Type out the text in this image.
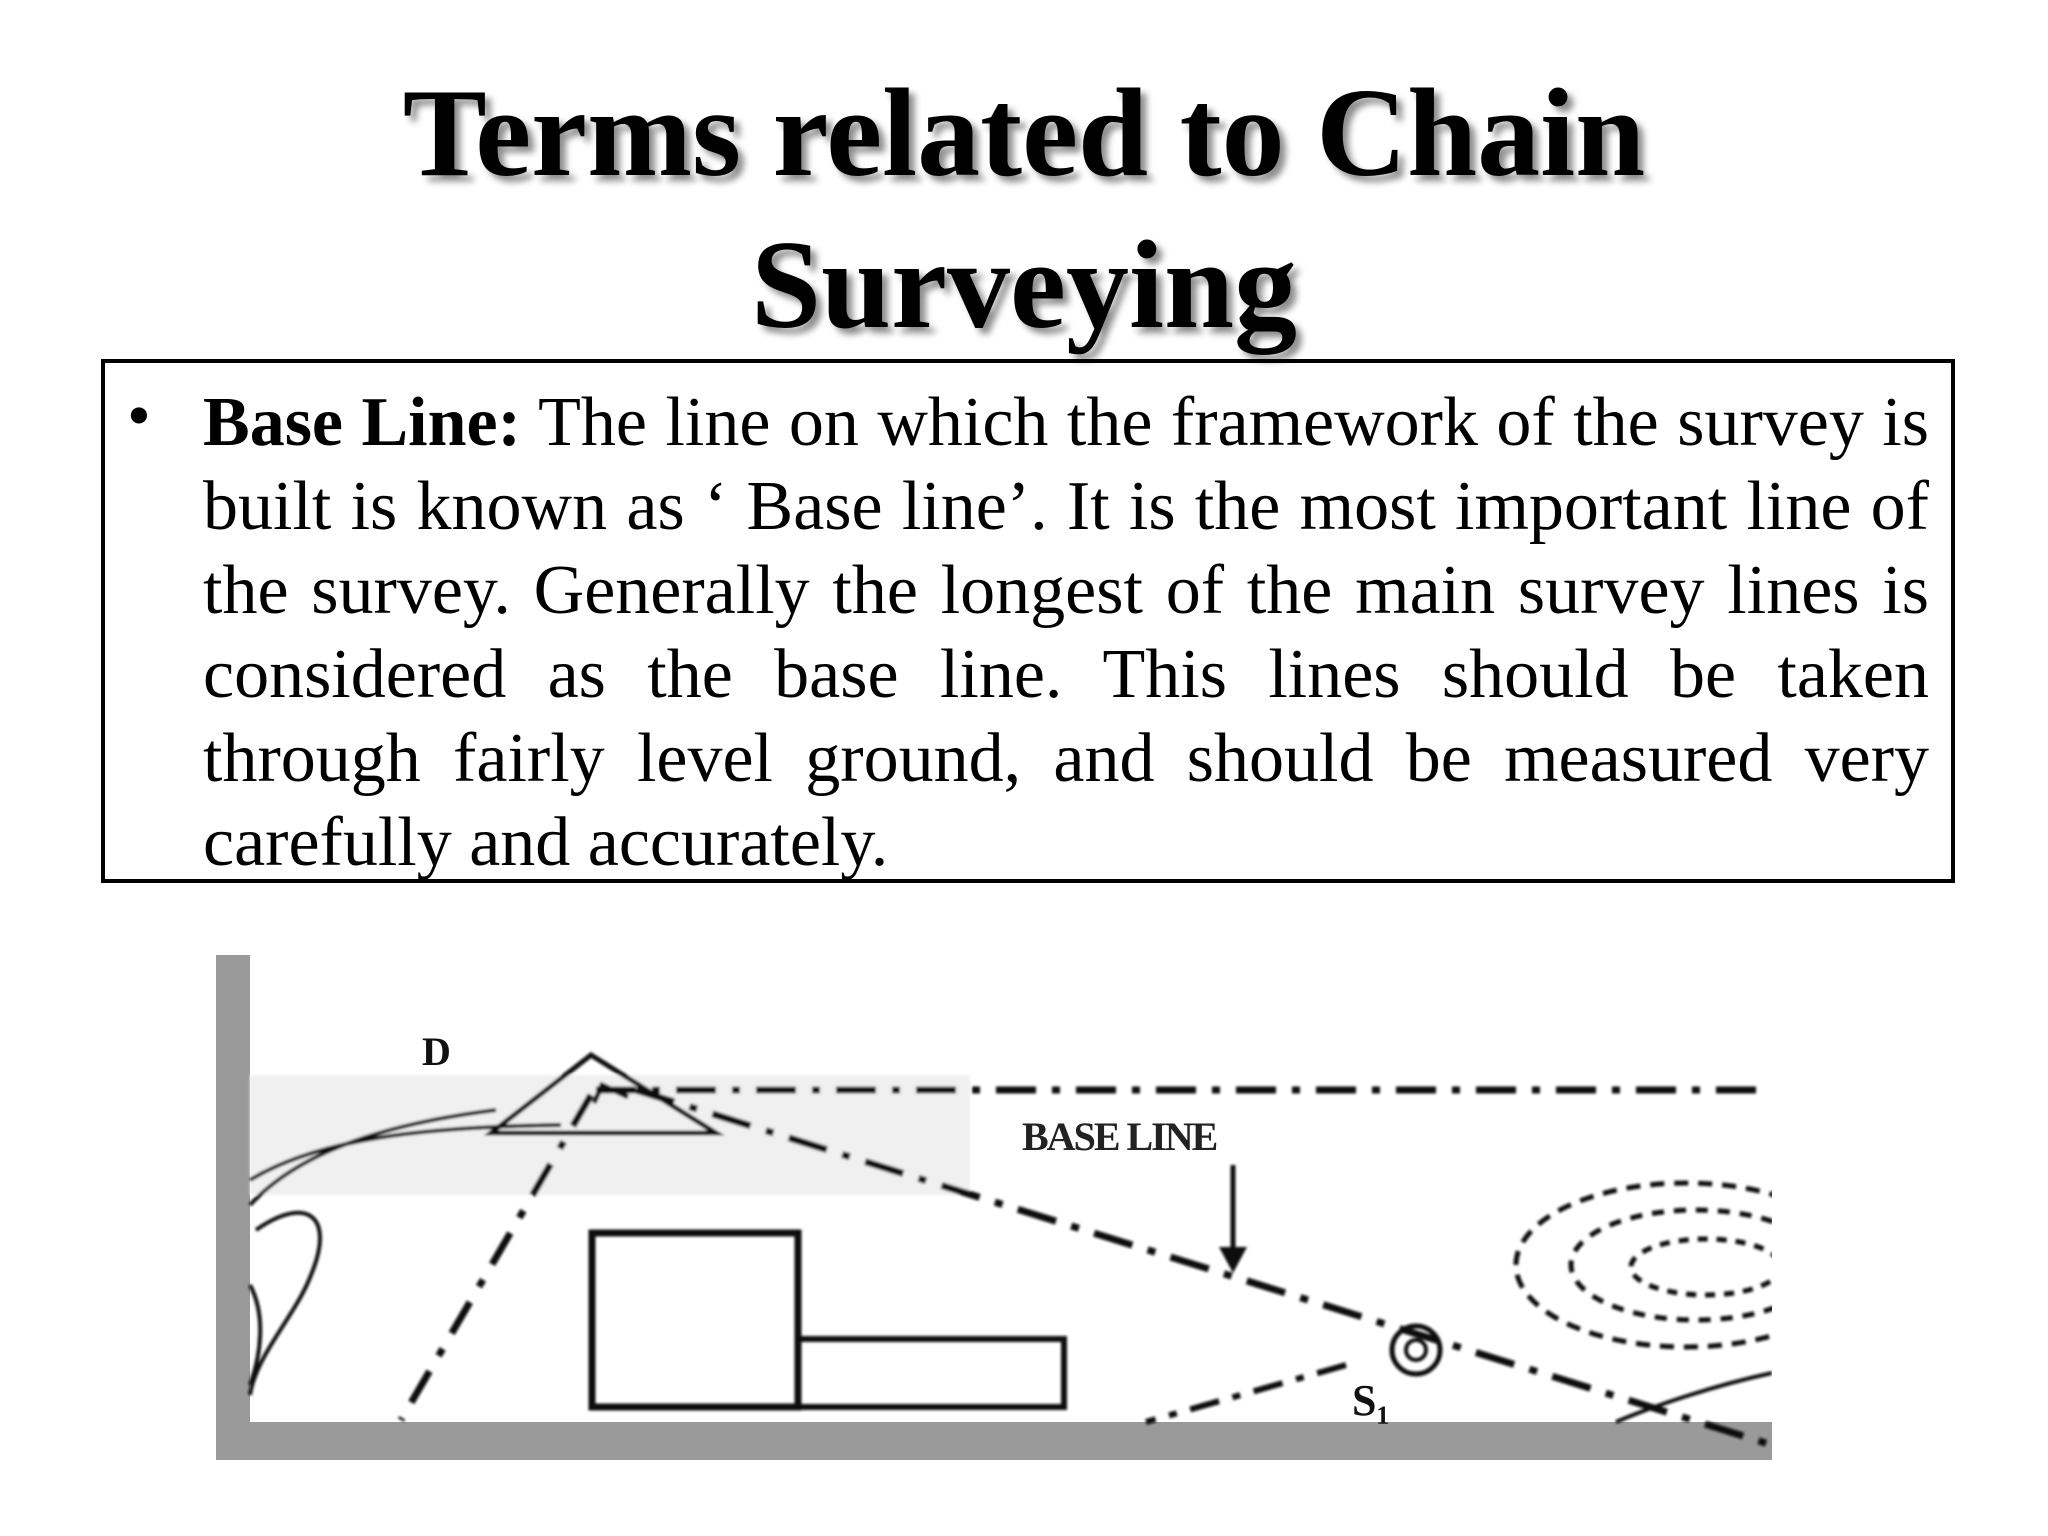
Terms related to Chain
Surveying
• Base Line: The line on which the framework of the survey is built is known as ‘ Base line’. It is the most important line of the survey. Generally the longest of the main survey lines is considered as the base line. This lines should be taken through fairly level ground, and should be measured very carefully and accurately.

D
BASE LINE
S₁
